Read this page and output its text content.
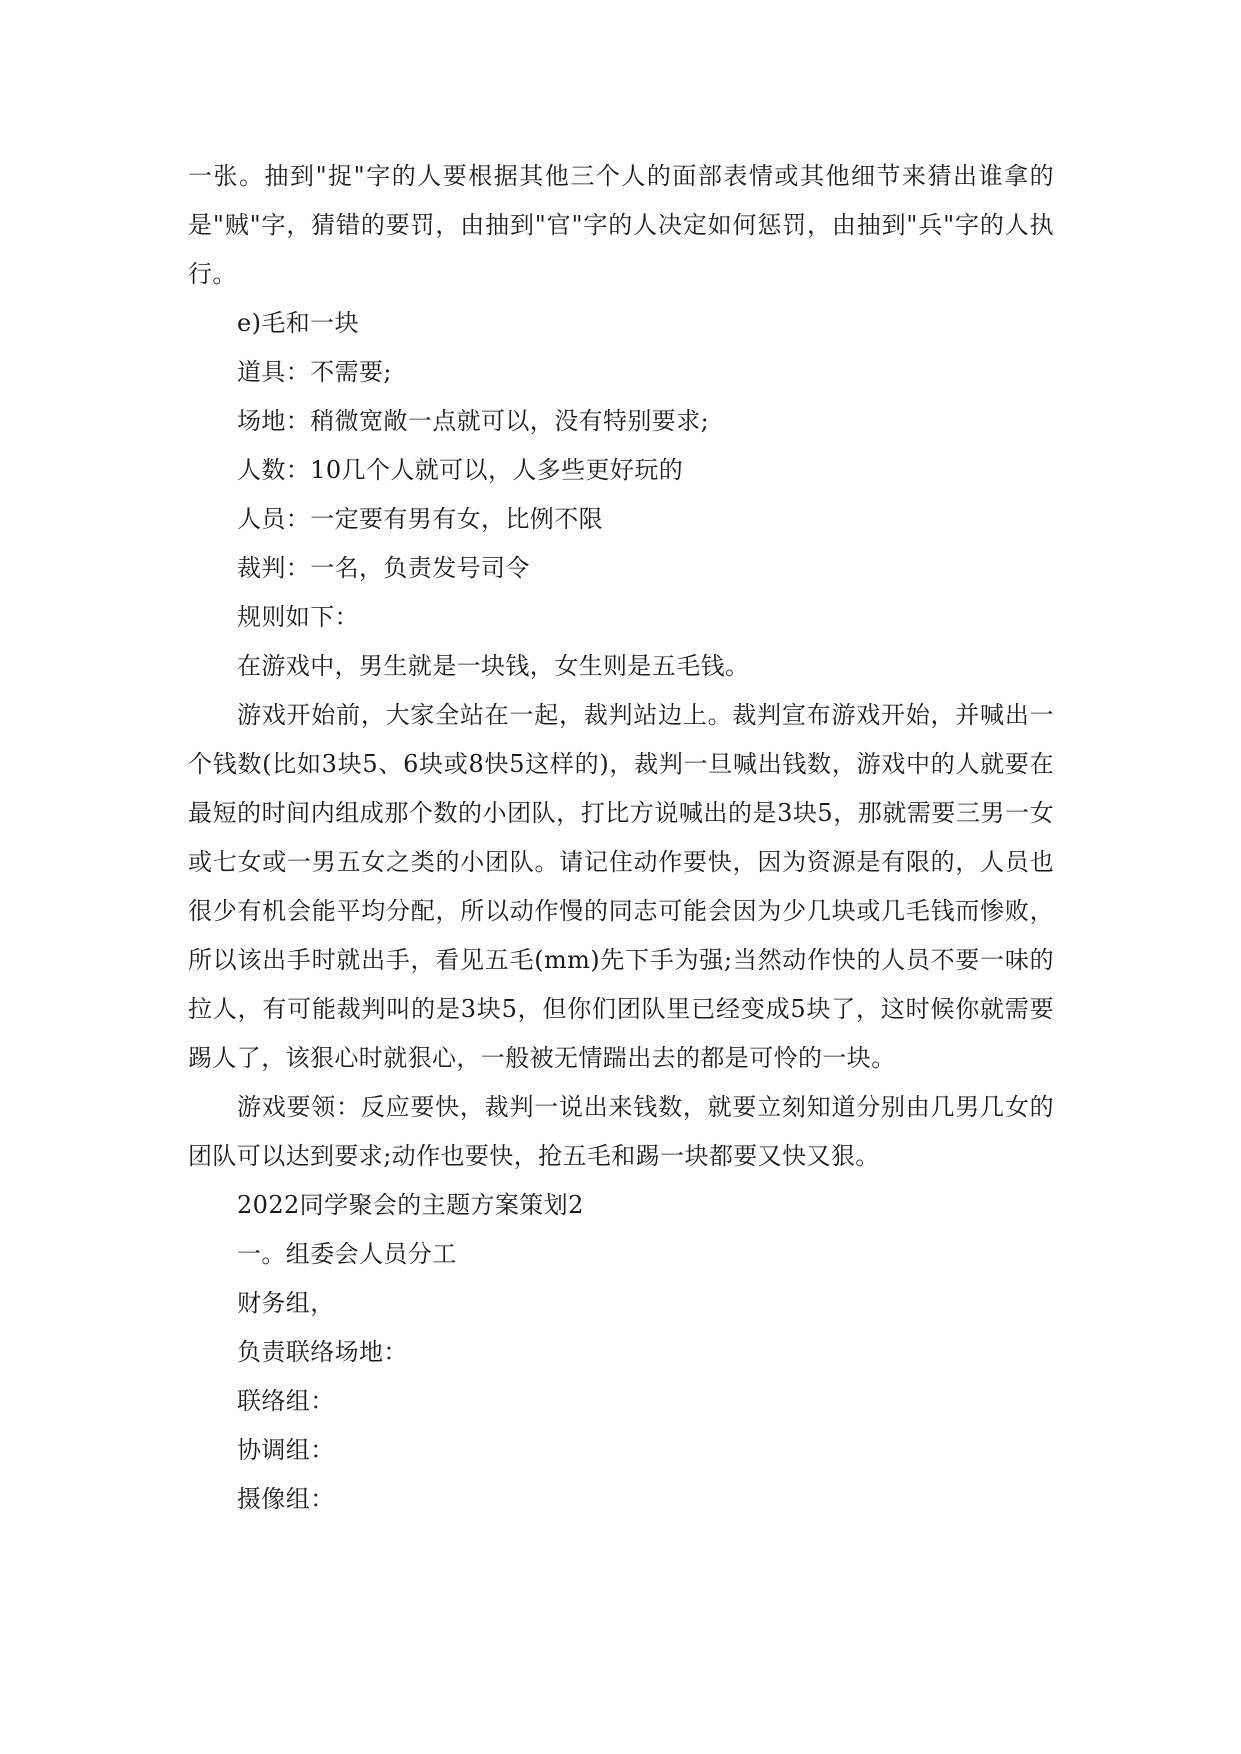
一张。抽到"捉"字的人要根据其他三个人的面部表情或其他细节来猜出谁拿的是"贼"字，猜错的要罚，由抽到"官"字的人决定如何惩罚，由抽到"兵"字的人执行。

e)毛和一块

道具：不需要;

场地：稍微宽敞一点就可以，没有特别要求;

人数：10几个人就可以，人多些更好玩的

人员：一定要有男有女，比例不限

裁判：一名，负责发号司令

规则如下：

在游戏中，男生就是一块钱，女生则是五毛钱。

游戏开始前，大家全站在一起，裁判站边上。裁判宣布游戏开始，并喊出一个钱数(比如3块5、6块或8快5这样的)，裁判一旦喊出钱数，游戏中的人就要在最短的时间内组成那个数的小团队，打比方说喊出的是3块5，那就需要三男一女或七女或一男五女之类的小团队。请记住动作要快，因为资源是有限的，人员也很少有机会能平均分配，所以动作慢的同志可能会因为少几块或几毛钱而惨败，所以该出手时就出手，看见五毛(mm)先下手为强;当然动作快的人员不要一味的拉人，有可能裁判叫的是3块5，但你们团队里已经变成5块了，这时候你就需要踢人了，该狠心时就狠心，一般被无情踹出去的都是可怜的一块。

游戏要领：反应要快，裁判一说出来钱数，就要立刻知道分别由几男几女的团队可以达到要求;动作也要快，抢五毛和踢一块都要又快又狠。

2022同学聚会的主题方案策划2

一。组委会人员分工

财务组，

负责联络场地：

联络组：

协调组：

摄像组：
